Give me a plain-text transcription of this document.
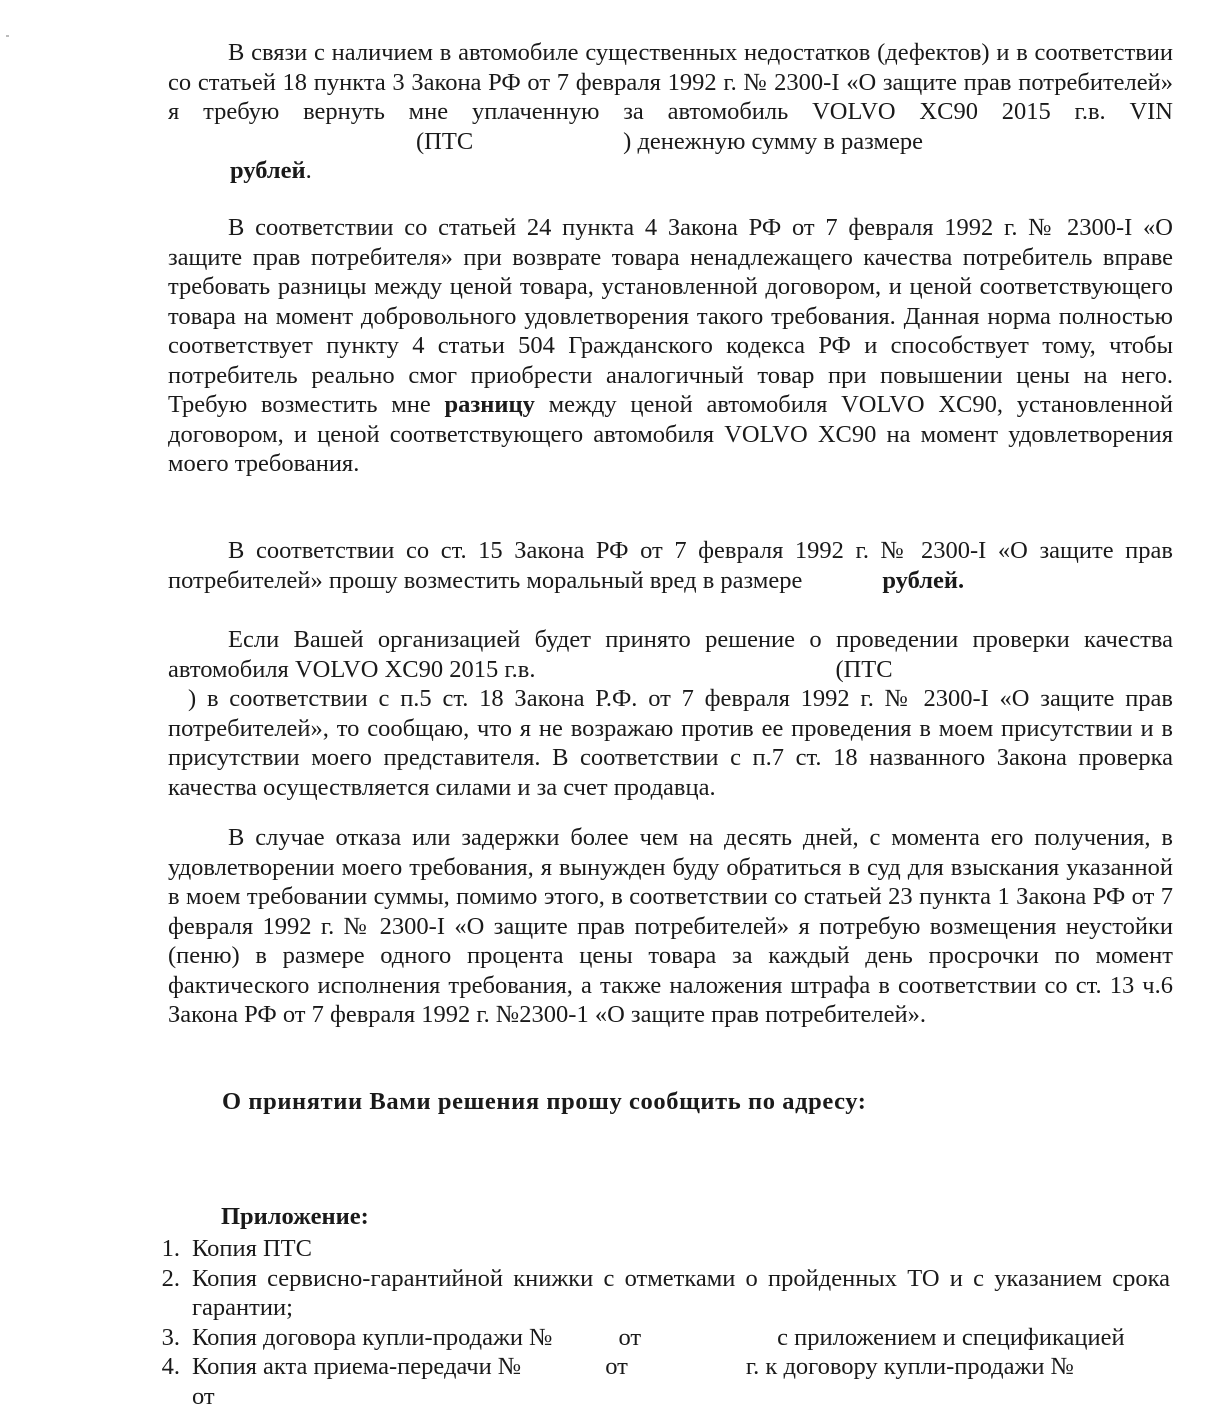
В связи с наличием в автомобиле существенных недостатков (дефектов) и в соответствии со статьей 18 пункта 3 Закона РФ от 7 февраля 1992 г. № 2300-I «О защите прав потребителей» я требую вернуть мне уплаченную за автомобиль VOLVO XC90 2015 г.в. VIN(ПТС	) денежную сумму в размере
рублей.

В соответствии со статьей 24 пункта 4 Закона РФ от 7 февраля 1992 г. № 2300-I «О защите прав потребителя» при возврате товара ненадлежащего качества потребитель вправе требовать разницы между ценой товара, установленной договором, и ценой соответствующего товара на момент добровольного удовлетворения такого требования. Данная норма полностью соответствует пункту 4 статьи 504 Гражданского кодекса РФ и способствует тому, чтобы потребитель реально смог приобрести аналогичный товар при повышении цены на него. Требую возместить мне разницу между ценой автомобиля VOLVO XC90, установленной договором, и ценой соответствующего автомобиля VOLVO XC90 на момент удовлетворения моего требования.

В соответствии со ст. 15 Закона РФ от 7 февраля 1992 г. № 2300-I «О защите прав потребителей» прошу возместить моральный вред в размере	рублей.

Если Вашей организацией будет принято решение о проведении проверки качества автомобиля VOLVO XC90 2015 г.в.	(ПТС
) в соответствии с п.5 ст. 18 Закона Р.Ф. от 7 февраля 1992 г. № 2300-I «О защите прав потребителей», то сообщаю, что я не возражаю против ее проведения в моем присутствии и в присутствии моего представителя. В соответствии с п.7 ст. 18 названного Закона проверка качества осуществляется силами и за счет продавца.

В случае отказа или задержки более чем на десять дней, с момента его получения, в удовлетворении моего требования, я вынужден буду обратиться в суд для взыскания указанной в моем требовании суммы, помимо этого, в соответствии со статьей 23 пункта 1 Закона РФ от 7 февраля 1992 г. № 2300-I «О защите прав потребителей» я потребую возмещения неустойки (пеню) в размере одного процента цены товара за каждый день просрочки по момент фактического исполнения требования, а также наложения штрафа в соответствии со ст. 13 ч.6 Закона РФ от 7 февраля 1992 г. №2300-1 «О защите прав потребителей».

О принятии Вами решения прошу сообщить по адресу:

Приложение:

1. Копия ПТС
2. Копия сервисно-гарантийной книжки с отметками о пройденных ТО и с указанием срока гарантии;
3. Копия договора купли-продажи №	от	с приложением и спецификацией
4. Копия акта приема-передачи №	от	г. к договору купли-продажи №
от
